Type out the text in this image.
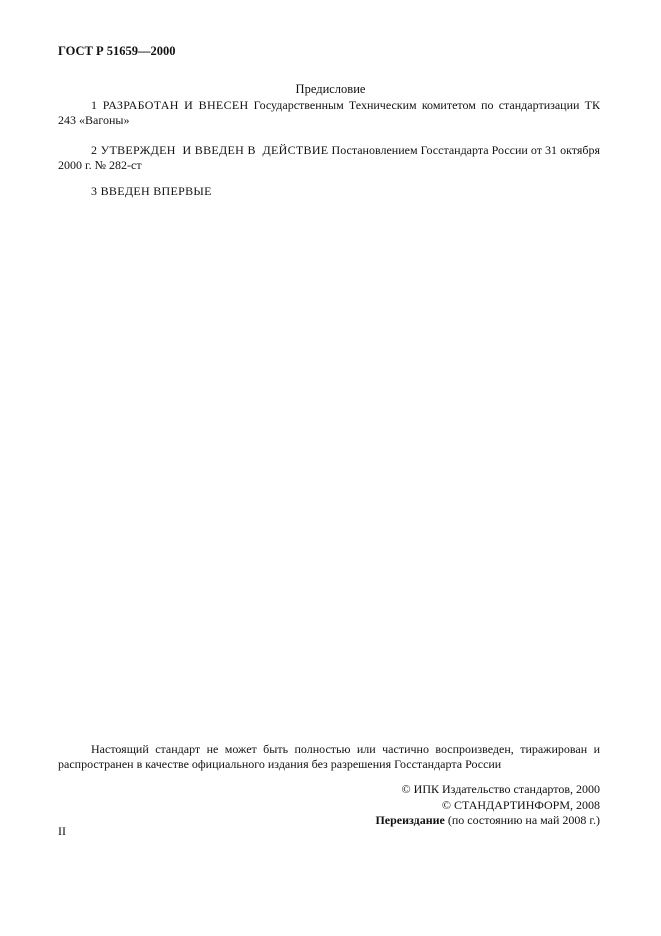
ГОСТ Р 51659—2000
Предисловие
1 РАЗРАБОТАН И ВНЕСЕН Государственным Техническим комитетом по стандартизации ТК 243 «Вагоны»
2 УТВЕРЖДЕН  И ВВЕДЕН В  ДЕЙСТВИЕ Постановлением Госстандарта России от 31 октября 2000 г. № 282-ст
3 ВВЕДЕН ВПЕРВЫЕ
Настоящий стандарт не может быть полностью или частично воспроизведен, тиражирован и распространен в качестве официального издания без разрешения Госстандарта России
© ИПК Издательство стандартов, 2000
© СТАНДАРТИНФОРМ, 2008
Переиздание (по состоянию на май 2008 г.)
II
